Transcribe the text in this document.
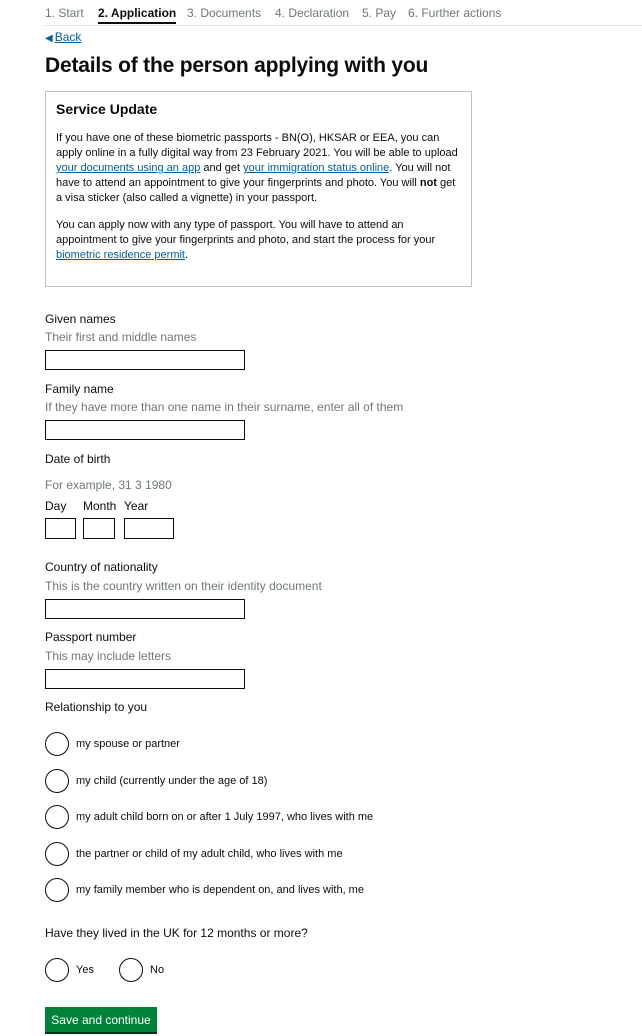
1. Start 2. Application 3. Documents 4. Declaration 5. Pay 6. Further actions
◀ Back
Details of the person applying with you
Service Update

If you have one of these biometric passports - BN(O), HKSAR or EEA, you can apply online in a fully digital way from 23 February 2021. You will be able to upload your documents using an app and get your immigration status online. You will not have to attend an appointment to give your fingerprints and photo. You will not get a visa sticker (also called a vignette) in your passport.

You can apply now with any type of passport. You will have to attend an appointment to give your fingerprints and photo, and start the process for your biometric residence permit.

Given names
Their first and middle names
Family name
If they have more than one name in their surname, enter all of them
Date of birth
For example, 31 3 1980
Day Month Year
Country of nationality
This is the country written on their identity document
Passport number
This may include letters
Relationship to you
my spouse or partner
my child (currently under the age of 18)
my adult child born on or after 1 July 1997, who lives with me
the partner or child of my adult child, who lives with me
my family member who is dependent on, and lives with, me
Have they lived in the UK for 12 months or more?
Yes	No
Save and continue
